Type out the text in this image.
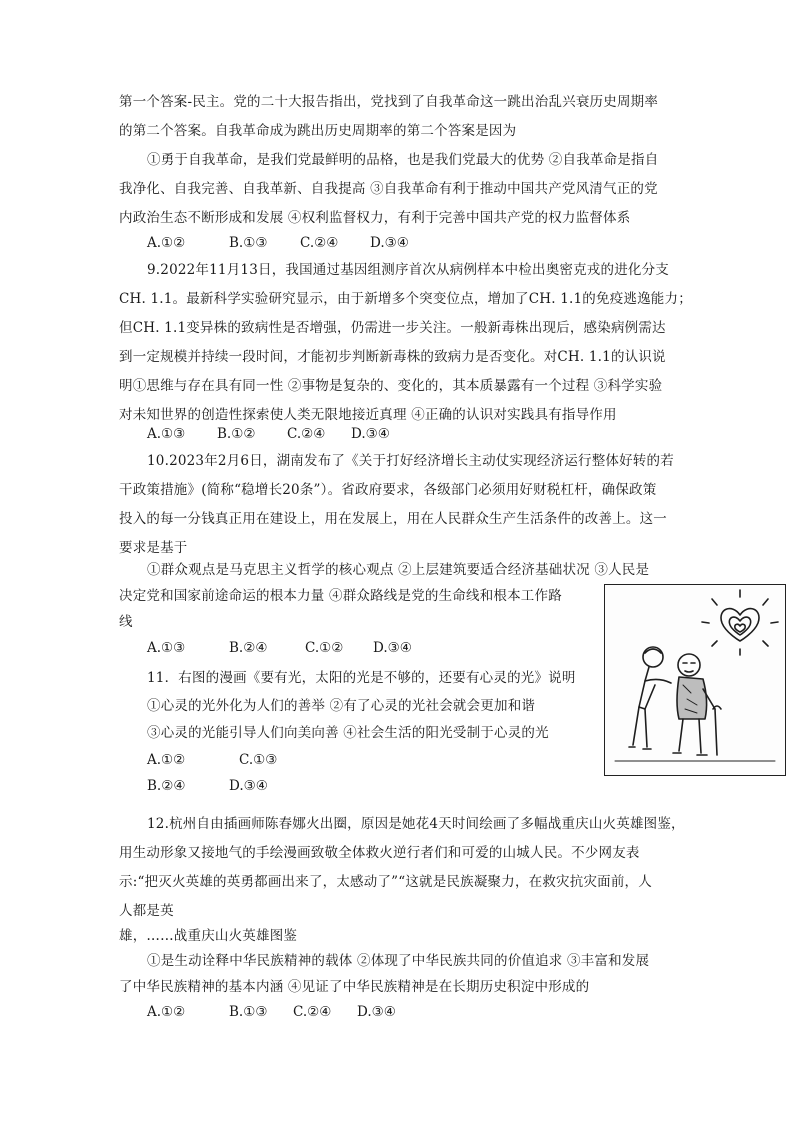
第一个答案-民主。党的二十大报告指出，党找到了自我革命这一跳出治乱兴衰历史周期率
的第二个答案。自我革命成为跳出历史周期率的第二个答案是因为
①勇于自我革命，是我们党最鲜明的品格，也是我们党最大的优势 ②自我革命是指自
我净化、自我完善、自我革新、自我提高 ③自我革命有利于推动中国共产党风清气正的党
内政治生态不断形成和发展 ④权利监督权力，有利于完善中国共产党的权力监督体系
A.①②	B.①③ C.②④ D.③④
9.2022年11月13日，我国通过基因组测序首次从病例样本中检出奥密克戎的进化分支
CH. 1.1。最新科学实验研究显示，由于新增多个突变位点，增加了CH. 1.1的免疫逃逸能力；
但CH. 1.1变异株的致病性是否增强，仍需进一步关注。一般新毒株出现后，感染病例需达
到一定规模并持续一段时间，才能初步判断新毒株的致病力是否变化。对CH. 1.1的认识说
明①思维与存在具有同一性 ②事物是复杂的、变化的，其本质暴露有一个过程 ③科学实验
对未知世界的创造性探索使人类无限地接近真理 ④正确的认识对实践具有指导作用
A.①③ B.①② C.②④ D.③④
10.2023年2月6日，湖南发布了《关于打好经济增长主动仗实现经济运行整体好转的若
干政策措施》(简称“稳增长20条”）。省政府要求，各级部门必须用好财税杠杆，确保政策
投入的每一分钱真正用在建设上，用在发展上，用在人民群众生产生活条件的改善上。这一
要求是基于
①群众观点是马克思主义哲学的核心观点 ②上层建筑要适合经济基础状况 ③人民是
决定党和国家前途命运的根本力量 ④群众路线是党的生命线和根本工作路
线
A.①③	B.②④	C.①② D.③④
11．右图的漫画《要有光，太阳的光是不够的，还要有心灵的光》说明
①心灵的光外化为人们的善举 ②有了心灵的光社会就会更加和谐
③心灵的光能引导人们向美向善 ④社会生活的阳光受制于心灵的光
A.①②	C.①③
B.②④	D.③④
12.杭州自由插画师陈春娜火出圈，原因是她花4天时间绘画了多幅战重庆山火英雄图鉴，
用生动形象又接地气的手绘漫画致敬全体救火逆行者们和可爱的山城人民。不少网友表
示:“把灭火英雄的英勇都画出来了，太感动了”“这就是民族凝聚力，在救灾抗灾面前，人
人都是英
雄，……战重庆山火英雄图鉴
①是生动诠释中华民族精神的载体 ②体现了中华民族共同的价值追求 ③丰富和发展
了中华民族精神的基本内涵 ④见证了中华民族精神是在长期历史积淀中形成的
A.①②	B.①③ C.②④ D.③④
